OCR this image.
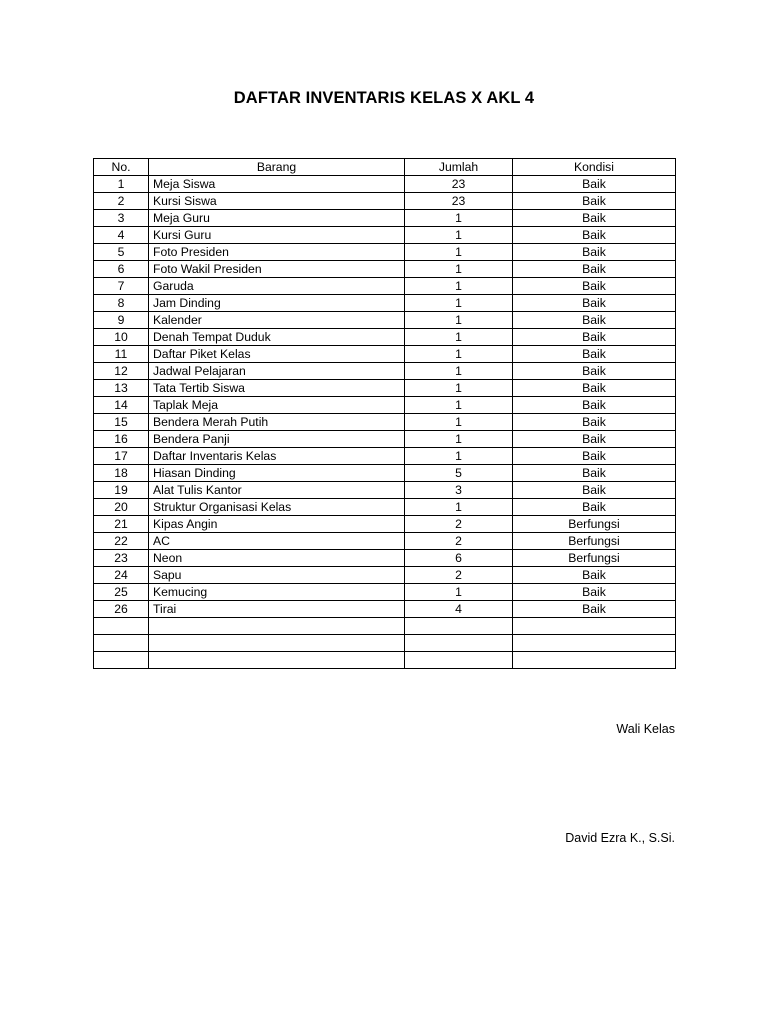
DAFTAR INVENTARIS KELAS X AKL 4
No.	Barang	Jumlah	Kondisi
1	Meja Siswa	23	Baik
2	Kursi Siswa	23	Baik
3	Meja Guru	1	Baik
4	Kursi Guru	1	Baik
5	Foto Presiden	1	Baik
6	Foto Wakil Presiden	1	Baik
7	Garuda	1	Baik
8	Jam Dinding	1	Baik
9	Kalender	1	Baik
10	Denah Tempat Duduk	1	Baik
11	Daftar Piket Kelas	1	Baik
12	Jadwal Pelajaran	1	Baik
13	Tata Tertib Siswa	1	Baik
14	Taplak Meja	1	Baik
15	Bendera Merah Putih	1	Baik
16	Bendera Panji	1	Baik
17	Daftar Inventaris Kelas	1	Baik
18	Hiasan Dinding	5	Baik
19	Alat Tulis Kantor	3	Baik
20	Struktur Organisasi Kelas	1	Baik
21	Kipas Angin	2	Berfungsi
22	AC	2	Berfungsi
23	Neon	6	Berfungsi
24	Sapu	2	Baik
25	Kemucing	1	Baik
26	Tirai	4	Baik

Wali Kelas
David Ezra K., S.Si.
